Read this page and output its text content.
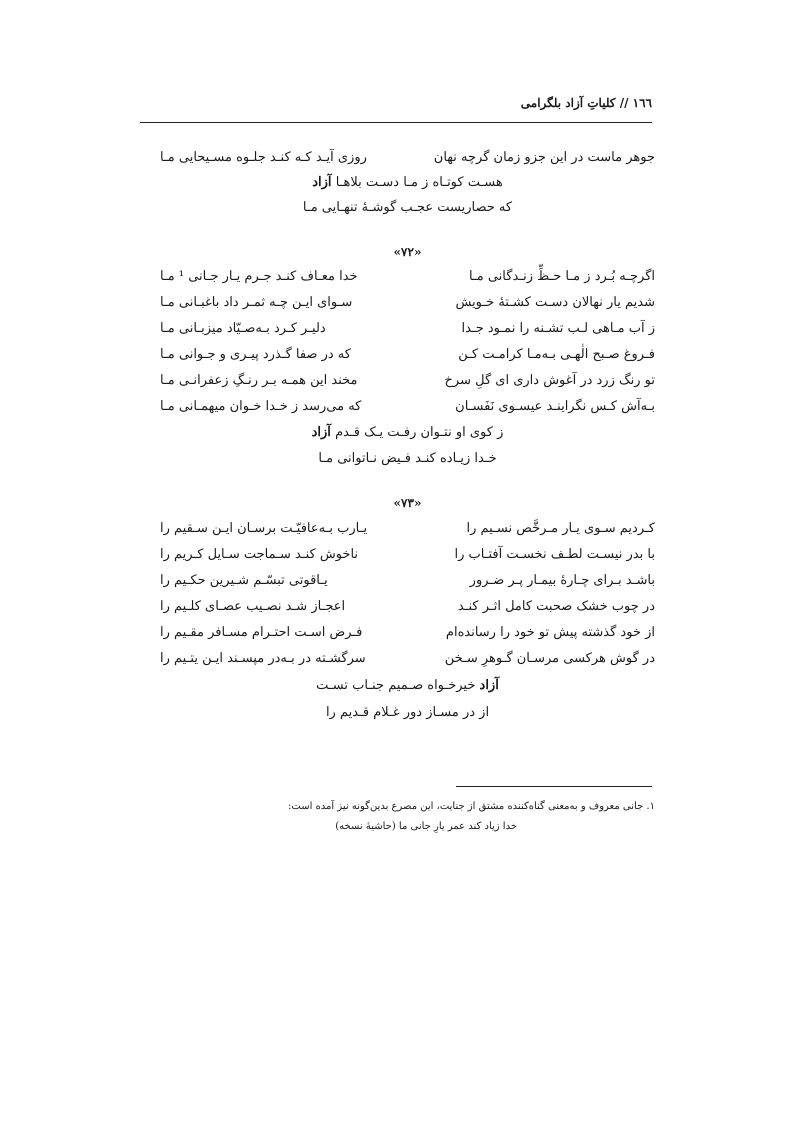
١٦٦ // کلیاتِ آزاد بلگرامی
جوهر ماست در این جزو زمان گرچه نهان
روزی آیـد کـه کنـد جلـوه مسـیحایی مـا
هسـت کوتـاه ز مـا دسـت بلاهـا آزاد
که حصاریست عجـب گوشـهٔ تنهـایی مـا
«۷۲»
اگرچـه بُـرد ز مـا حـظِّ زنـدگانی مـا
خدا معـاف کنـد جـرم یـار جـانی ¹ مـا
شدیم یار نهالان دسـت کشـتهٔ خـویش
سـوای ایـن چـه ثمـر داد باغبـانی مـا
ز آب مـاهی لـب تشـنه را نمـود جـدا
دلیـر کـرد بـه‌صـیّاد میزبـانی مـا
فـروغ صـبح الٰهـی بـه‌مـا کرامـت کـن
که در صفا گـذرد پیـری و جـوانی مـا
تو رنگ زرد در آغوش داری ای گلِ سرخ
مخند این همـه بـر رنـگِ زعفرانـی مـا
بـه‌آش کـس نگراینـد عیسـوی نَفَسـان
که می‌رسد ز خـدا خـوان میهمـانی مـا
ز کوی او نتـوان رفـت یـک قـدم آزاد
خـدا زیـاده کنـد فـیض نـاتوانی مـا
«۷۳»
کـردیم سـوی یـار مـرخَّص نسـیم را
یـارب بـه‌عافیّـت برسـان ایـن سـقیم را
با بدر نیسـت لطـف نخسـت آفتـاب را
ناخوش کنـد سـماجت سـایل کـریم را
باشـد بـرای چـارهٔ بیمـار پـر ضـرور
یـاقوتی تبسّـم شـیرین حکـیم را
در چوب خشک صحبت کامل اثـر کنـد
اعجـاز شـد نصـیب عصـای کلـیم را
از خود گذشته پیش تو خود را رسانده‌ام
فـرض اسـت احتـرام مسـافر مقـیم را
در گوش هرکسی مرسـان گـوهرِ سـخن
سرگشـته در بـه‌در مپسـند ایـن یتـیم را
آزاد خیرخـواه صـمیم جنـاب تسـت
از در مسـاز دور غـلام قـدیم را
۱. جانی معروف و به‌معنی گناه‌کننده مشتق از جنایت، این مصرع بدین‌گونه نیز آمده است:
خدا زیاد کند عمر یارِ جانی ما (حاشیهٔ نسخه)
